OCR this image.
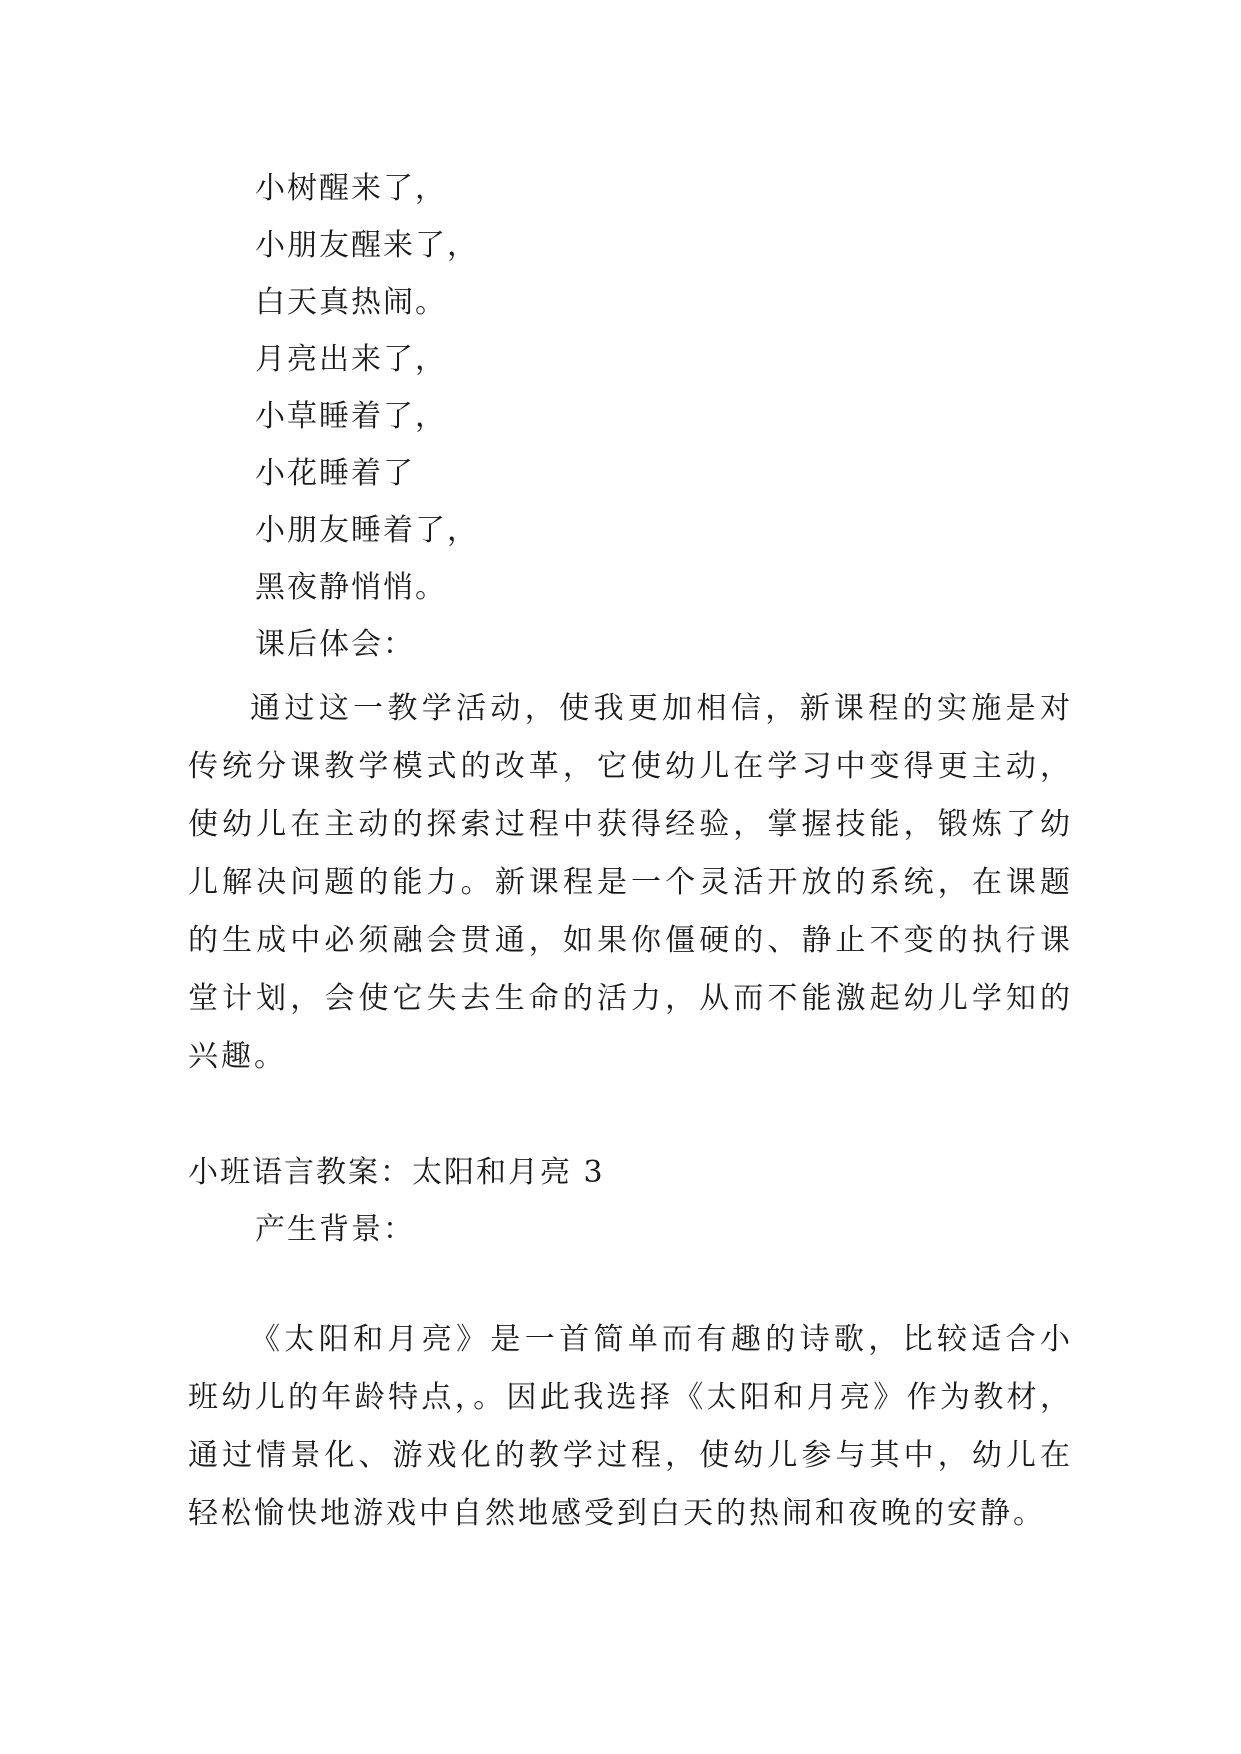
小树醒来了，
小朋友醒来了，
白天真热闹。
月亮出来了，
小草睡着了，
小花睡着了
小朋友睡着了，
黑夜静悄悄。
课后体会：
通过这一教学活动，使我更加相信，新课程的实施是对传统分课教学模式的改革，它使幼儿在学习中变得更主动，使幼儿在主动的探索过程中获得经验，掌握技能，锻炼了幼儿解决问题的能力。新课程是一个灵活开放的系统，在课题的生成中必须融会贯通，如果你僵硬的、静止不变的执行课堂计划，会使它失去生命的活力，从而不能激起幼儿学知的兴趣。
小班语言教案：太阳和月亮 3
产生背景：
《太阳和月亮》是一首简单而有趣的诗歌，比较适合小班幼儿的年龄特点，。因此我选择《太阳和月亮》作为教材，通过情景化、游戏化的教学过程，使幼儿参与其中，幼儿在轻松愉快地游戏中自然地感受到白天的热闹和夜晚的安静。
